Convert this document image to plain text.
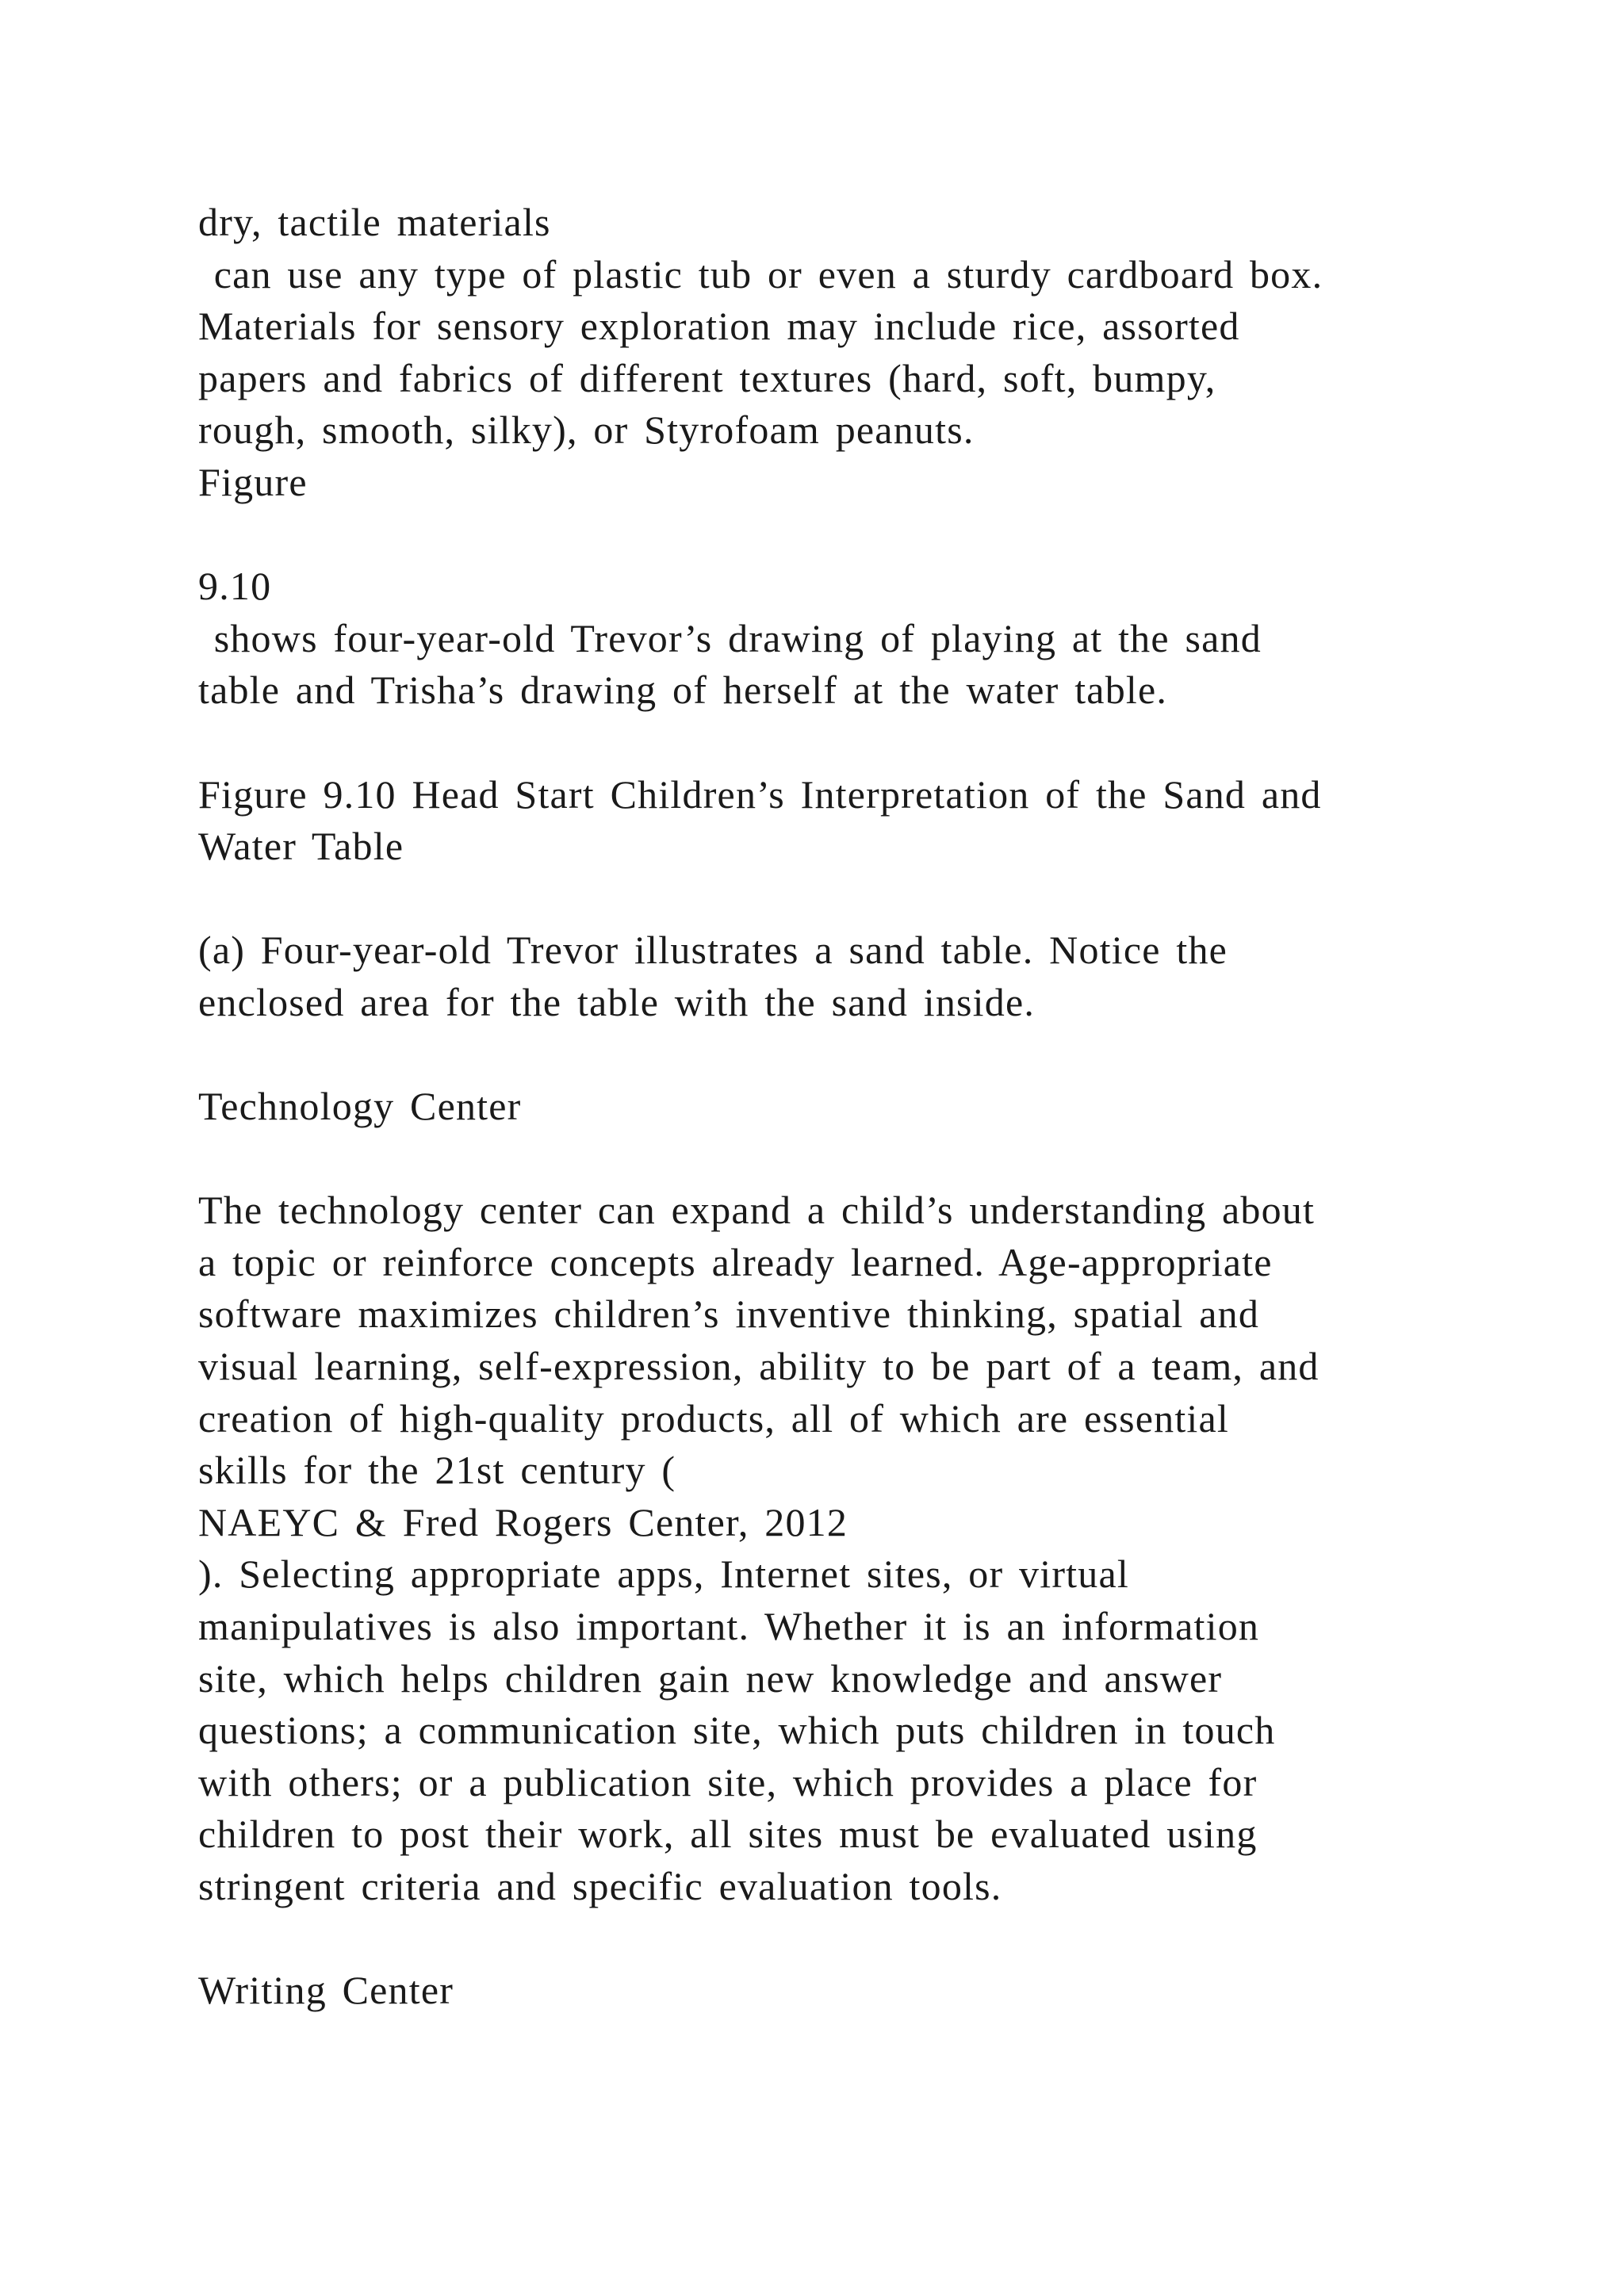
dry, tactile materials
can use any type of plastic tub or even a sturdy cardboard box.
Materials for sensory exploration may include rice, assorted
papers and fabrics of different textures (hard, soft, bumpy,
rough, smooth, silky), or Styrofoam peanuts.
Figure
9.10
shows four-year-old Trevor’s drawing of playing at the sand
table and Trisha’s drawing of herself at the water table.
Figure 9.10 Head Start Children’s Interpretation of the Sand and
Water Table
(a) Four-year-old Trevor illustrates a sand table. Notice the
enclosed area for the table with the sand inside.
Technology Center
The technology center can expand a child’s understanding about
a topic or reinforce concepts already learned. Age-appropriate
software maximizes children’s inventive thinking, spatial and
visual learning, self-expression, ability to be part of a team, and
creation of high-quality products, all of which are essential
skills for the 21st century (
NAEYC & Fred Rogers Center, 2012
). Selecting appropriate apps, Internet sites, or virtual
manipulatives is also important. Whether it is an information
site, which helps children gain new knowledge and answer
questions; a communication site, which puts children in touch
with others; or a publication site, which provides a place for
children to post their work, all sites must be evaluated using
stringent criteria and specific evaluation tools.
Writing Center
